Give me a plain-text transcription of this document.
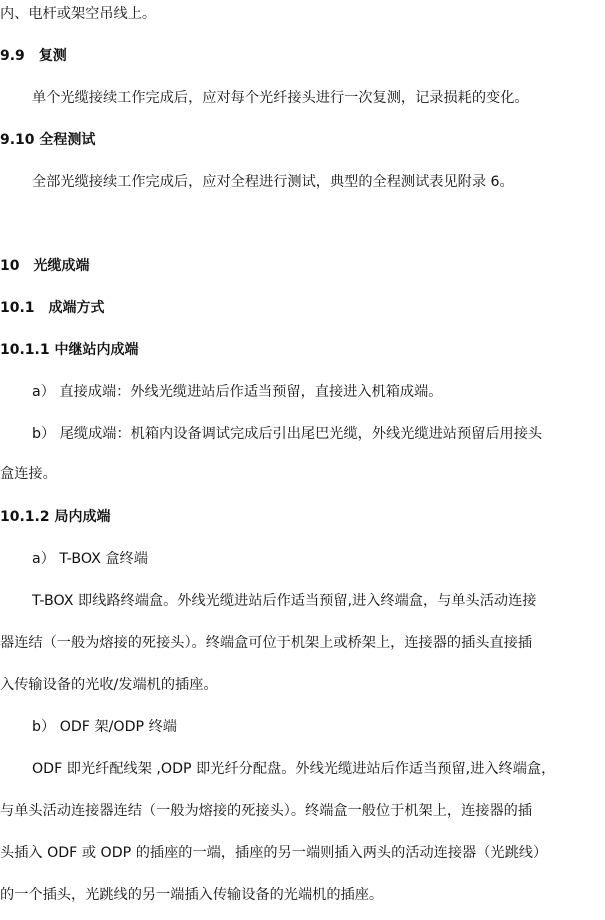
内、电杆或架空吊线上。
9.9 复测
单个光缆接续工作完成后，应对每个光纤接头进行一次复测，记录损耗的变化。
9.10 全程测试
全部光缆接续工作完成后，应对全程进行测试，典型的全程测试表见附录 6。
10 光缆成端
10.1 成端方式
10.1.1 中继站内成端
a） 直接成端：外线光缆进站后作适当预留，直接进入机箱成端。
b） 尾缆成端：机箱内设备调试完成后引出尾巴光缆，外线光缆进站预留后用接头
盒连接。
10.1.2 局内成端
a） T-BOX 盒终端
T-BOX 即线路终端盒。外线光缆进站后作适当预留,进入终端盒，与单头活动连接
器连结（一般为熔接的死接头）。终端盒可位于机架上或桥架上，连接器的插头直接插
入传输设备的光收/发端机的插座。
b） ODF 架/ODP 终端
ODF 即光纤配线架 ,ODP 即光纤分配盘。外线光缆进站后作适当预留,进入终端盒，
与单头活动连接器连结（一般为熔接的死接头）。终端盒一般位于机架上，连接器的插
头插入 ODF 或 ODP 的插座的一端，插座的另一端则插入两头的活动连接器（光跳线）
的一个插头，光跳线的另一端插入传输设备的光端机的插座。
